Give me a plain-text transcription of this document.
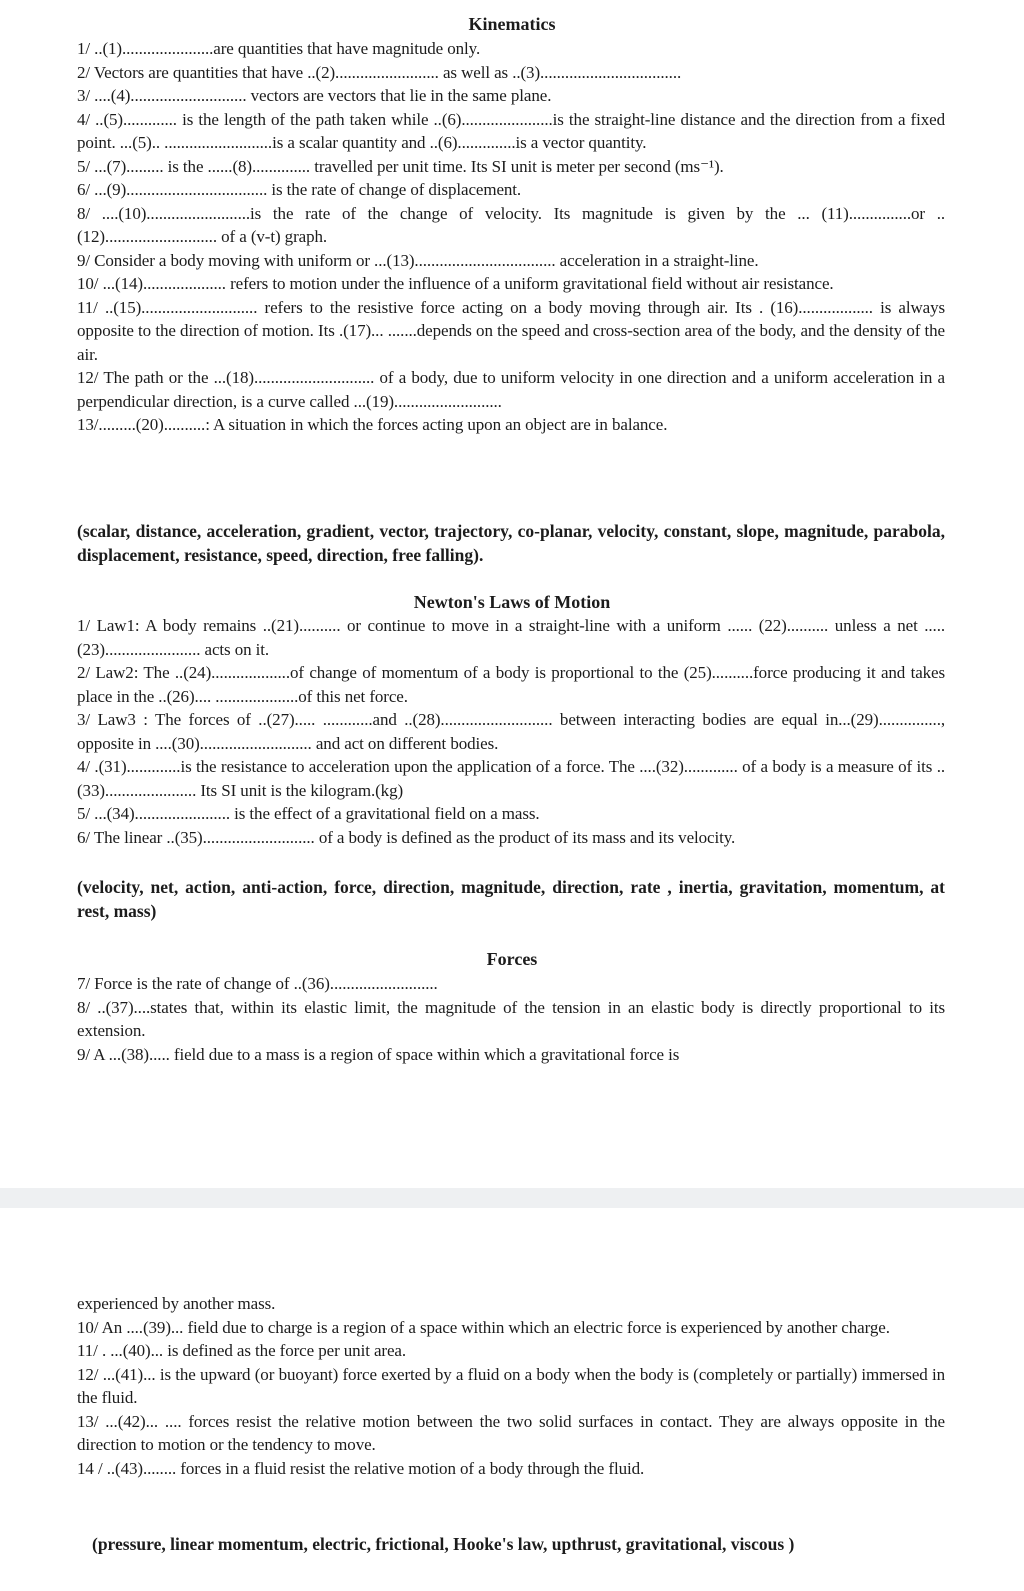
Kinematics

1/ ..(1)......................are quantities that have magnitude only.

2/ Vectors are quantities that have ..(2)......................... as well as ..(3)..................................

3/ ....(4)............................ vectors are vectors that lie in the same plane.

4/ ..(5)............. is the length of the path taken while ..(6)......................is the straight-line distance and the direction from a fixed point. ...(5).. ..........................is a scalar quantity and ..(6)..............is a vector quantity.

5/ ...(7)......... is the ......(8).............. travelled per unit time. Its SI unit is meter per second (ms⁻¹).

6/ ...(9).................................. is the rate of change of displacement.

8/ ....(10).........................is the rate of the change of velocity. Its magnitude is given by the ... (11)...............or ..(12)........................... of a (v-t) graph.

9/ Consider a body moving with uniform or ...(13).................................. acceleration in a straight-line.

10/ ...(14).................... refers to motion under the influence of a uniform gravitational field without air resistance.

11/ ..(15)............................ refers to the resistive force acting on a body moving through air. Its . (16).................. is always opposite to the direction of motion. Its .(17)... .......depends on the speed and cross-section area of the body, and the density of the air.

12/ The path or the ...(18)............................. of a body, due to uniform velocity in one direction and a uniform acceleration in a perpendicular direction, is a curve called ...(19)..........................

13/.........(20)..........: A situation in which the forces acting upon an object are in balance.

(scalar, distance, acceleration, gradient, vector, trajectory, co-planar, velocity, constant, slope, magnitude, parabola, displacement, resistance, speed, direction, free falling).

Newton's Laws of Motion

1/ Law1: A body remains ..(21).......... or continue to move in a straight-line with a uniform ...... (22).......... unless a net .....(23)....................... acts on it.

2/ Law2: The ..(24)...................of change of momentum of a body is proportional to the (25)..........force producing it and takes place in the ..(26).... ....................of this net force.

3/ Law3 : The forces of ..(27)..... ............and ..(28)........................... between interacting bodies are equal in...(29)..............., opposite in ....(30)........................... and act on different bodies.

4/ .(31).............is the resistance to acceleration upon the application of a force. The ....(32)............. of a body is a measure of its ..(33)...................... Its SI unit is the kilogram.(kg)

5/ ...(34)....................... is the effect of a gravitational field on a mass.

6/ The linear ..(35)........................... of a body is defined as the product of its mass and its velocity.

(velocity, net, action, anti-action, force, direction, magnitude, direction, rate , inertia, gravitation, momentum, at rest, mass)

Forces

7/ Force is the rate of change of ..(36)..........................

8/ ..(37)....states that, within its elastic limit, the magnitude of the tension in an elastic body is directly proportional to its extension.

9/ A ...(38)..... field due to a mass is a region of space within which a gravitational force is

experienced by another mass.

10/ An ....(39)... field due to charge is a region of a space within which an electric force is experienced by another charge.

11/ . ...(40)... is defined as the force per unit area.

12/ ...(41)... is the upward (or buoyant) force exerted by a fluid on a body when the body is (completely or partially) immersed in the fluid.

13/ ...(42)... .... forces resist the relative motion between the two solid surfaces in contact. They are always opposite in the direction to motion or the tendency to move.

14 / ..(43)........ forces in a fluid resist the relative motion of a body through the fluid.

(pressure, linear momentum, electric, frictional, Hooke's law, upthrust, gravitational, viscous )
